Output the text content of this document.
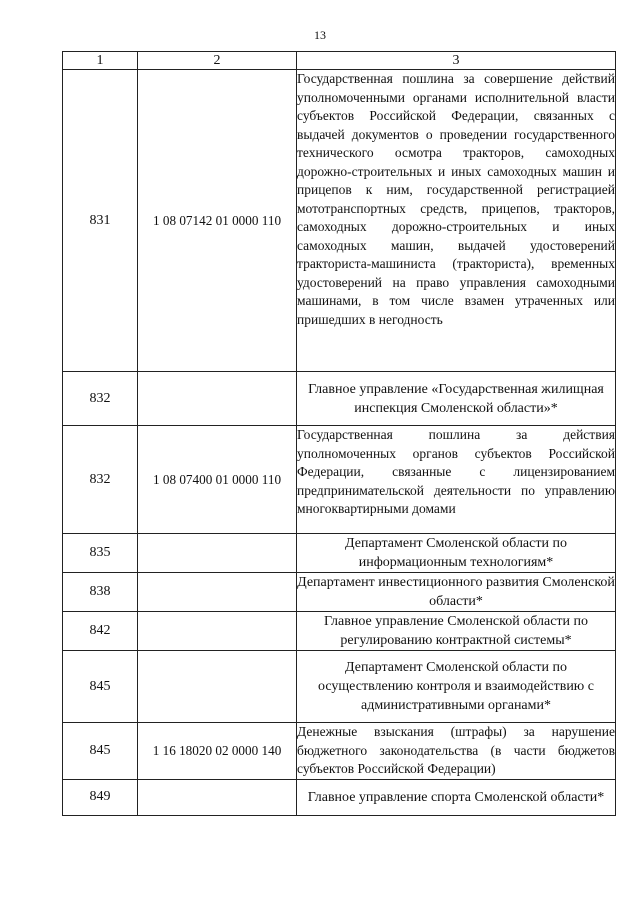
13
1	2	3
831	1 08 07142 01 0000 110	Государственная пошлина за совершение действий уполномоченными органами исполнительной власти субъектов Российской Федерации, связанных с выдачей документов о проведении государственного технического осмотра тракторов, самоходных дорожно-строительных и иных самоходных машин и прицепов к ним, государственной регистрацией мототранспортных средств, прицепов, тракторов, самоходных дорожно-строительных и иных самоходных машин, выдачей удостоверений тракториста-машиниста (тракториста), временных удостоверений на право управления самоходными машинами, в том числе взамен утраченных или пришедших в негодность
832		Главное управление «Государственная жилищная инспекция Смоленской области»*
832	1 08 07400 01 0000 110	Государственная пошлина за действия уполномоченных органов субъектов Российской Федерации, связанные с лицензированием предпринимательской деятельности по управлению многоквартирными домами
835		Департамент Смоленской области по информационным технологиям*
838		Департамент инвестиционного развития Смоленской области*
842		Главное управление Смоленской области по регулированию контрактной системы*
845		Департамент Смоленской области по осуществлению контроля и взаимодействию с административными органами*
845	1 16 18020 02 0000 140	Денежные взыскания (штрафы) за нарушение бюджетного законодательства (в части бюджетов субъектов Российской Федерации)
849		Главное управление спорта Смоленской области*
